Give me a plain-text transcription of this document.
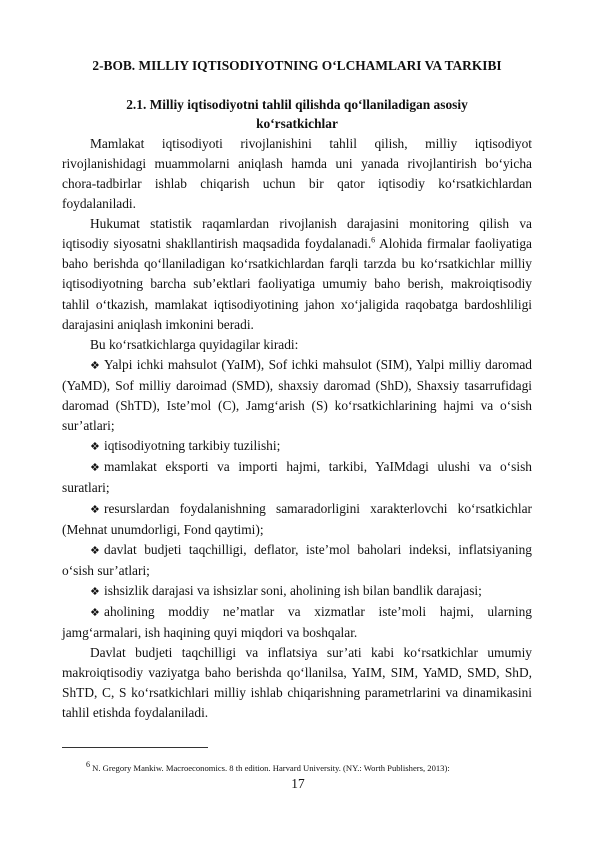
2-BOB. MILLIY IQTISODIYOTNING O‘LCHAMLARI VA TARKIBI
2.1. Milliy iqtisodiyotni tahlil qilishda qo‘llaniladigan asosiy
ko‘rsatkichlar

Mamlakat iqtisodiyoti rivojlanishini tahlil qilish, milliy iqtisodiyot rivojlanishidagi muammolarni aniqlash hamda uni yanada rivojlantirish bo‘yicha chora-tadbirlar ishlab chiqarish uchun bir qator iqtisodiy ko‘rsatkichlardan foydalaniladi.

Hukumat statistik raqamlardan rivojlanish darajasini monitoring qilish va iqtisodiy siyosatni shakllantirish maqsadida foydalanadi.$^6$ Alohida firmalar faoliyatiga baho berishda qo‘llaniladigan ko‘rsatkichlardan farqli tarzda bu ko‘rsatkichlar milliy iqtisodiyotning barcha sub’ektlari faoliyatiga umumiy baho berish, makroiqtisodiy tahlil o‘tkazish, mamlakat iqtisodiyotining jahon xo‘jaligida raqobatga bardoshliligi darajasini aniqlash imkonini beradi.

Bu ko‘rsatkichlarga quyidagilar kiradi:

❖ Yalpi ichki mahsulot (YaIM), Sof ichki mahsulot (SIM), Yalpi milliy daromad (YaMD), Sof milliy daroimad (SMD), shaxsiy daromad (ShD), Shaxsiy tasarrufidagi daromad (ShTD), Iste’mol (C), Jamg‘arish (S) ko‘rsatkichlarining hajmi va o‘sish sur’atlari;

❖ iqtisodiyotning tarkibiy tuzilishi;

❖ mamlakat eksporti va importi hajmi, tarkibi, YaIMdagi ulushi va o‘sish suratlari;

❖ resurslardan foydalanishning samaradorligini xarakterlovchi ko‘rsatkichlar (Mehnat unumdorligi, Fond qaytimi);

❖ davlat budjeti taqchilligi, deflator, iste’mol baholari indeksi, inflatsiyaning o‘sish sur’atlari;

❖ ishsizlik darajasi va ishsizlar soni, aholining ish bilan bandlik darajasi;

❖ aholining moddiy ne’matlar va xizmatlar iste’moli hajmi, ularning jamg‘armalari, ish haqining quyi miqdori va boshqalar.

Davlat budjeti taqchilligi va inflatsiya sur’ati kabi ko‘rsatkichlar umumiy makroiqtisodiy vaziyatga baho berishda qo‘llanilsa, YaIM, SIM, YaMD, SMD, ShD, ShTD, C, S ko‘rsatkichlari milliy ishlab chiqarishning parametrlarini va dinamikasini tahlil etishda foydalaniladi.

$^6$ N. Gregory Mankiw. Macroeconomics. 8 th edition. Harvard University. (NY.: Worth Publishers, 2013):
17
